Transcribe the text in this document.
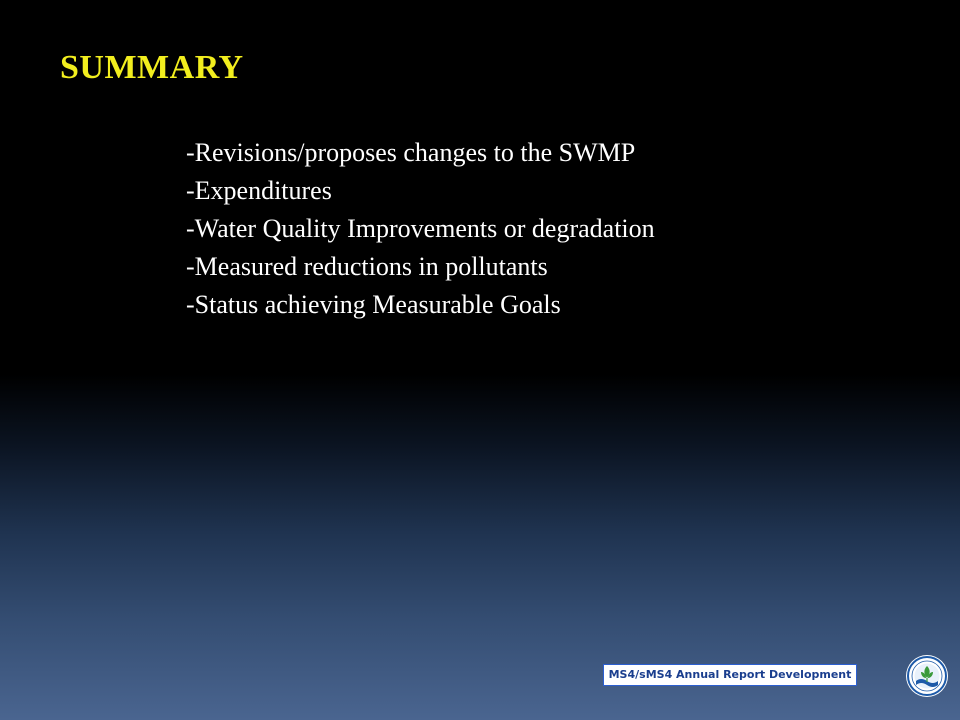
SUMMARY
-Revisions/proposes changes to the SWMP
-Expenditures
-Water Quality Improvements or degradation
-Measured reductions in pollutants
-Status achieving Measurable Goals
MS4/sMS4 Annual Report Development
